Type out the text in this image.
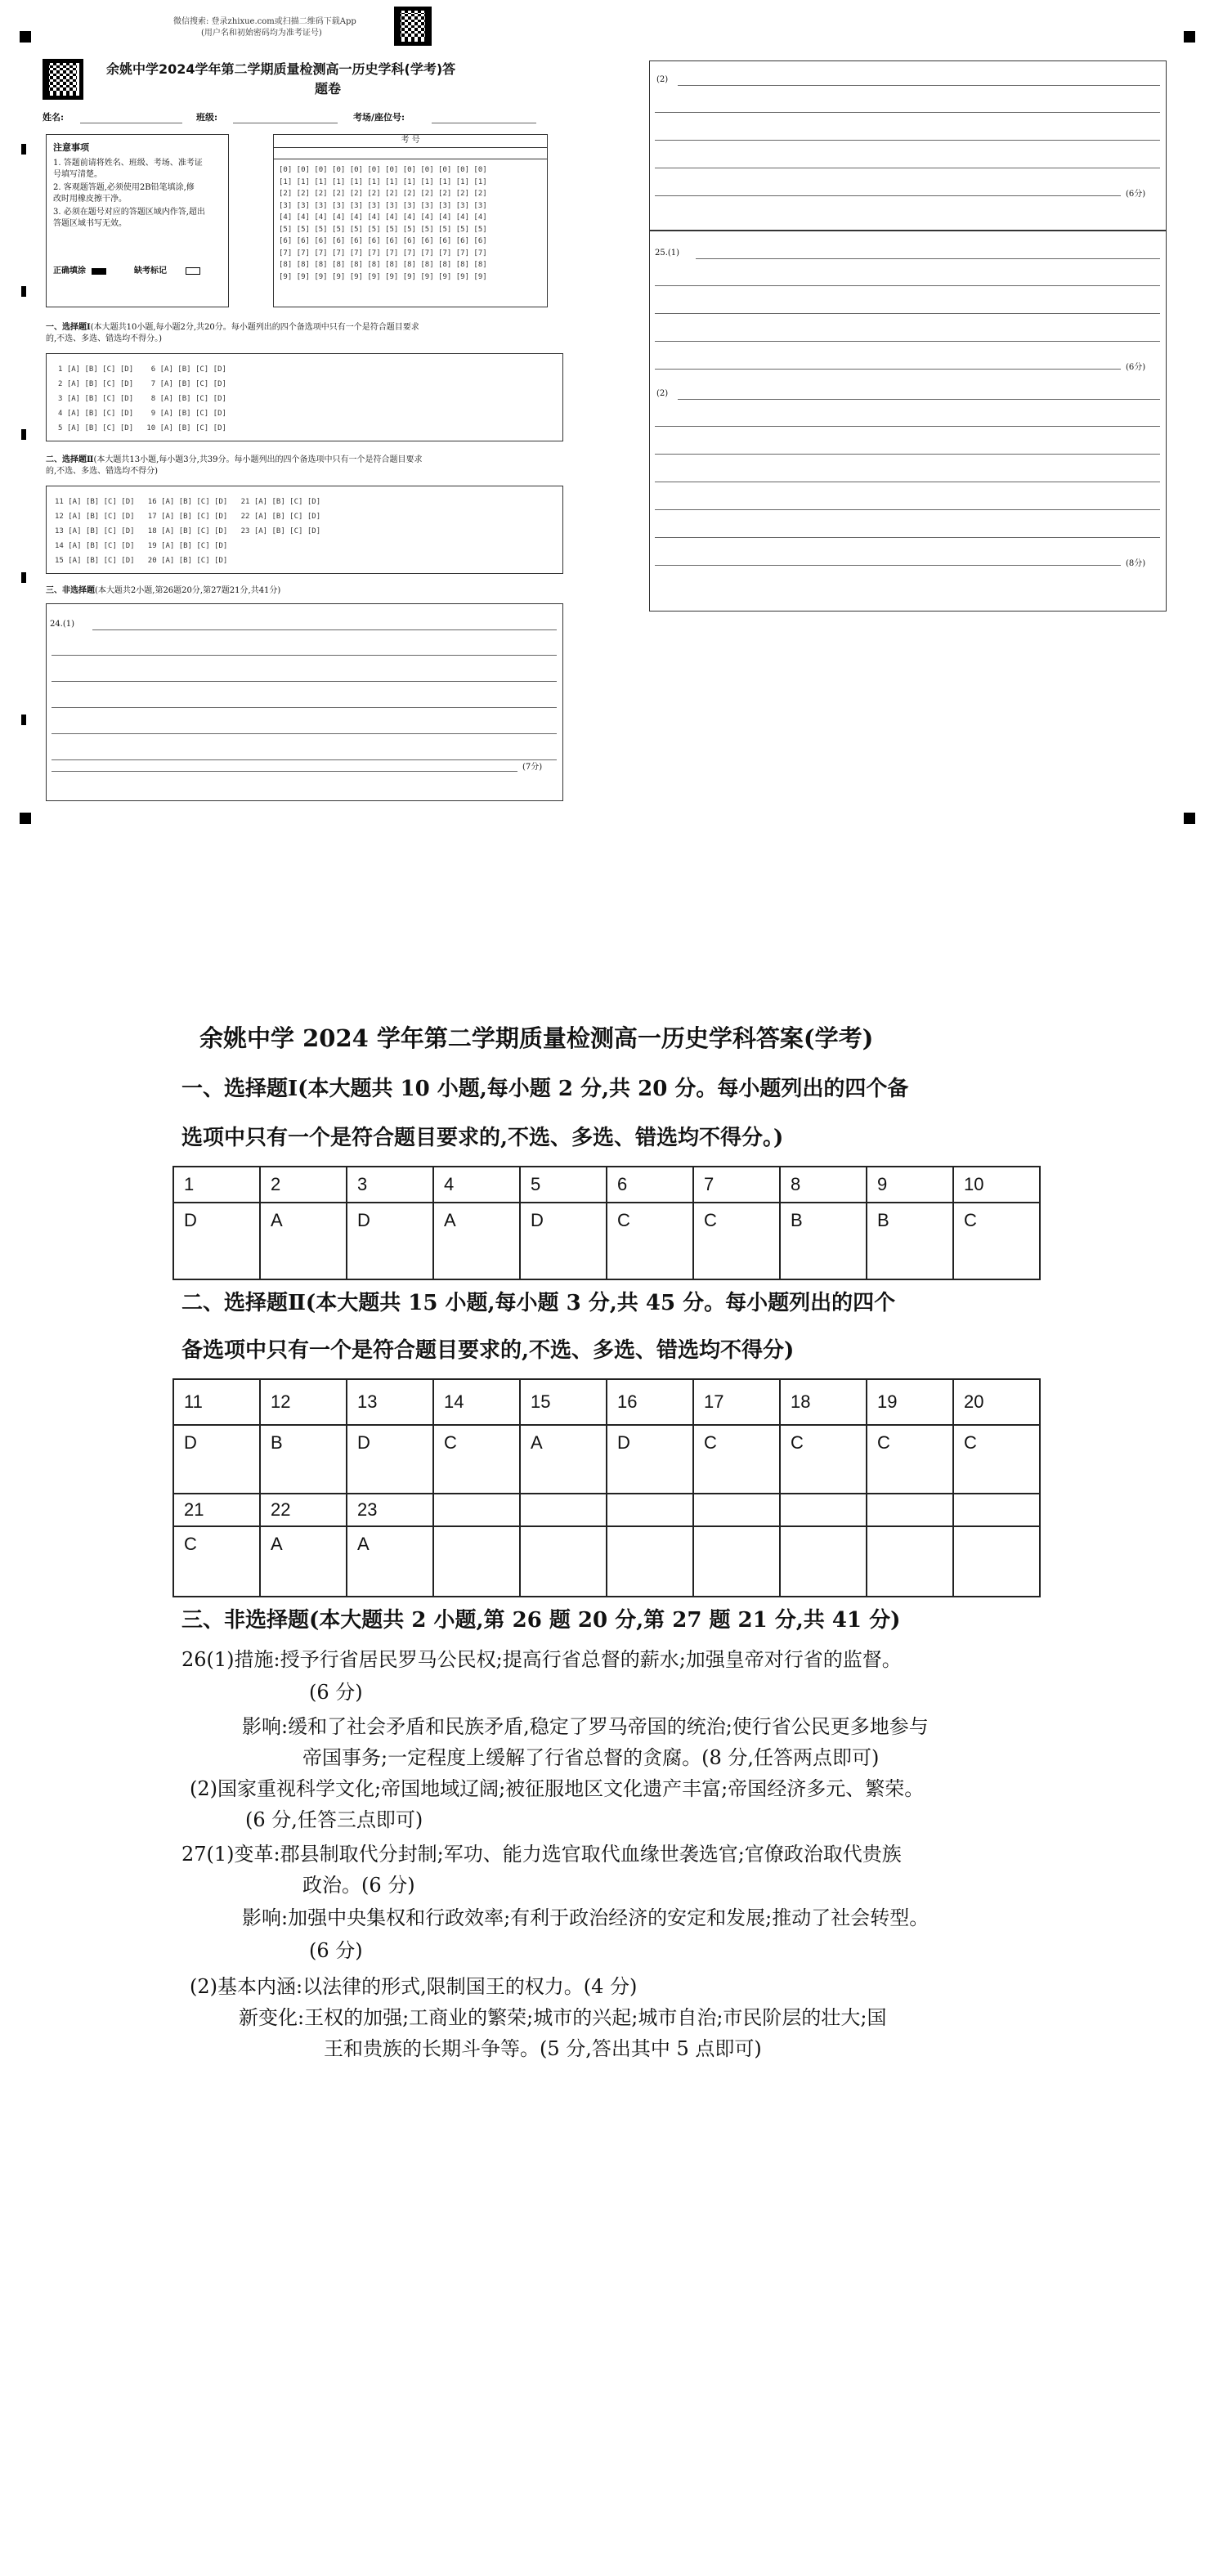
微信搜索: 登录zhixue.com或扫描二维码下载App
(用户名和初始密码均为准考证号)
余姚中学2024学年第二学期质量检测高一历史学科(学考)答
题卷
姓名:	班级:	考场/座位号:
注意事项
1. 答题前请将姓名、班级、考场、准考证
号填写清楚。
2. 客观题答题,必须使用2B铅笔填涂,修
改时用橡皮擦干净。
3. 必须在题号对应的答题区域内作答,超出
答题区域书写无效。
正确填涂	缺考标记
考 号
[0] [0] [0] [0] [0] [0] [0] [0] [0] [0] [0] [0]
[1] [1] [1] [1] [1] [1] [1] [1] [1] [1] [1] [1]
[2] [2] [2] [2] [2] [2] [2] [2] [2] [2] [2] [2]
[3] [3] [3] [3] [3] [3] [3] [3] [3] [3] [3] [3]
[4] [4] [4] [4] [4] [4] [4] [4] [4] [4] [4] [4]
[5] [5] [5] [5] [5] [5] [5] [5] [5] [5] [5] [5]
[6] [6] [6] [6] [6] [6] [6] [6] [6] [6] [6] [6]
[7] [7] [7] [7] [7] [7] [7] [7] [7] [7] [7] [7]
[8] [8] [8] [8] [8] [8] [8] [8] [8] [8] [8] [8]
[9] [9] [9] [9] [9] [9] [9] [9] [9] [9] [9] [9]
一、选择题Ⅰ(本大题共10小题,每小题2分,共20分。每小题列出的四个备选项中只有一个是符合题目要求
的,不选、多选、错选均不得分。)
1 [A] [B] [C] [D]    6 [A] [B] [C] [D]
2 [A] [B] [C] [D]    7 [A] [B] [C] [D]
3 [A] [B] [C] [D]    8 [A] [B] [C] [D]
4 [A] [B] [C] [D]    9 [A] [B] [C] [D]
5 [A] [B] [C] [D]   10 [A] [B] [C] [D]
二、选择题Ⅱ(本大题共13小题,每小题3分,共39分。每小题列出的四个备选项中只有一个是符合题目要求
的,不选、多选、错选均不得分)
11 [A] [B] [C] [D]   16 [A] [B] [C] [D]   21 [A] [B] [C] [D]
12 [A] [B] [C] [D]   17 [A] [B] [C] [D]   22 [A] [B] [C] [D]
13 [A] [B] [C] [D]   18 [A] [B] [C] [D]   23 [A] [B] [C] [D]
14 [A] [B] [C] [D]   19 [A] [B] [C] [D]
15 [A] [B] [C] [D]   20 [A] [B] [C] [D]
三、非选择题(本大题共2小题,第26题20分,第27题21分,共41分)
24.(1)
(7分)
(2)
(6分)
25.(1)
(6分)
(2)
(8分)
余姚中学 2024 学年第二学期质量检测高一历史学科答案(学考)
一、选择题Ⅰ(本大题共 10 小题,每小题 2 分,共 20 分。每小题列出的四个备
选项中只有一个是符合题目要求的,不选、多选、错选均不得分。)
1	2	3	4	5	6	7	8	9	10
D	A	D	A	D	C	C	B	B	C
二、选择题Ⅱ(本大题共 15 小题,每小题 3 分,共 45 分。每小题列出的四个
备选项中只有一个是符合题目要求的,不选、多选、错选均不得分)
11	12	13	14	15	16	17	18	19	20
D	B	D	C	A	D	C	C	C	C
21	22	23							
C	A	A							
三、非选择题(本大题共 2 小题,第 26 题 20 分,第 27 题 21 分,共 41 分)
26(1)措施:授予行省居民罗马公民权;提高行省总督的薪水;加强皇帝对行省的监督。
(6 分)
影响:缓和了社会矛盾和民族矛盾,稳定了罗马帝国的统治;使行省公民更多地参与
帝国事务;一定程度上缓解了行省总督的贪腐。(8 分,任答两点即可)
(2)国家重视科学文化;帝国地域辽阔;被征服地区文化遗产丰富;帝国经济多元、繁荣。
(6 分,任答三点即可)
27(1)变革:郡县制取代分封制;军功、能力选官取代血缘世袭选官;官僚政治取代贵族
政治。(6 分)
影响:加强中央集权和行政效率;有利于政治经济的安定和发展;推动了社会转型。
(6 分)
(2)基本内涵:以法律的形式,限制国王的权力。(4 分)
新变化:王权的加强;工商业的繁荣;城市的兴起;城市自治;市民阶层的壮大;国
王和贵族的长期斗争等。(5 分,答出其中 5 点即可)
